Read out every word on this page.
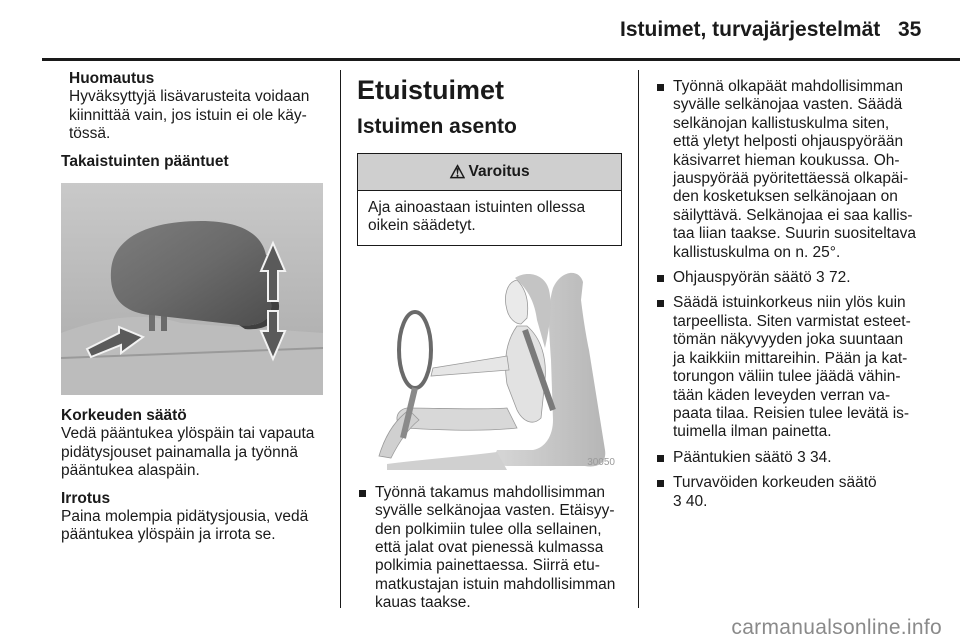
Istuimet, turvajärjestelmät 35
Huomautus
Hyväksyttyjä lisävarusteita voidaan
kiinnittää vain, jos istuin ei ole käy-
tössä.
Takaistuinten pääntuet
Korkeuden säätö
Vedä pääntukea ylöspäin tai vapauta
pidätysjouset painamalla ja työnnä
pääntukea alaspäin.
Irrotus
Paina molempia pidätysjousia, vedä
pääntukea ylöspäin ja irrota se.
Etuistuimet
Istuimen asento
⚠ Varoitus
Aja ainoastaan istuinten ollessa
oikein säädetyt.
30050
Työnnä takamus mahdollisimman
syvälle selkänojaa vasten. Etäisyy-
den polkimiin tulee olla sellainen,
että jalat ovat pienessä kulmassa
polkimia painettaessa. Siirrä etu-
matkustajan istuin mahdollisimman
kauas taakse.
Työnnä olkapäät mahdollisimman
syvälle selkänojaa vasten. Säädä
selkänojan kallistuskulma siten,
että yletyt helposti ohjauspyörään
käsivarret hieman koukussa. Oh-
jauspyörää pyöritettäessä olkapäi-
den kosketuksen selkänojaan on
säilyttävä. Selkänojaa ei saa kallis-
taa liian taakse. Suurin suositeltava
kallistuskulma on n. 25°.
Ohjauspyörän säätö 3 72.
Säädä istuinkorkeus niin ylös kuin
tarpeellista. Siten varmistat esteet-
tömän näkyvyyden joka suuntaan
ja kaikkiin mittareihin. Pään ja kat-
torungon väliin tulee jäädä vähin-
tään käden leveyden verran va-
paata tilaa. Reisien tulee levätä is-
tuimella ilman painetta.
Pääntukien säätö 3 34.
Turvavöiden korkeuden säätö
3 40.
carmanualsonline.info
